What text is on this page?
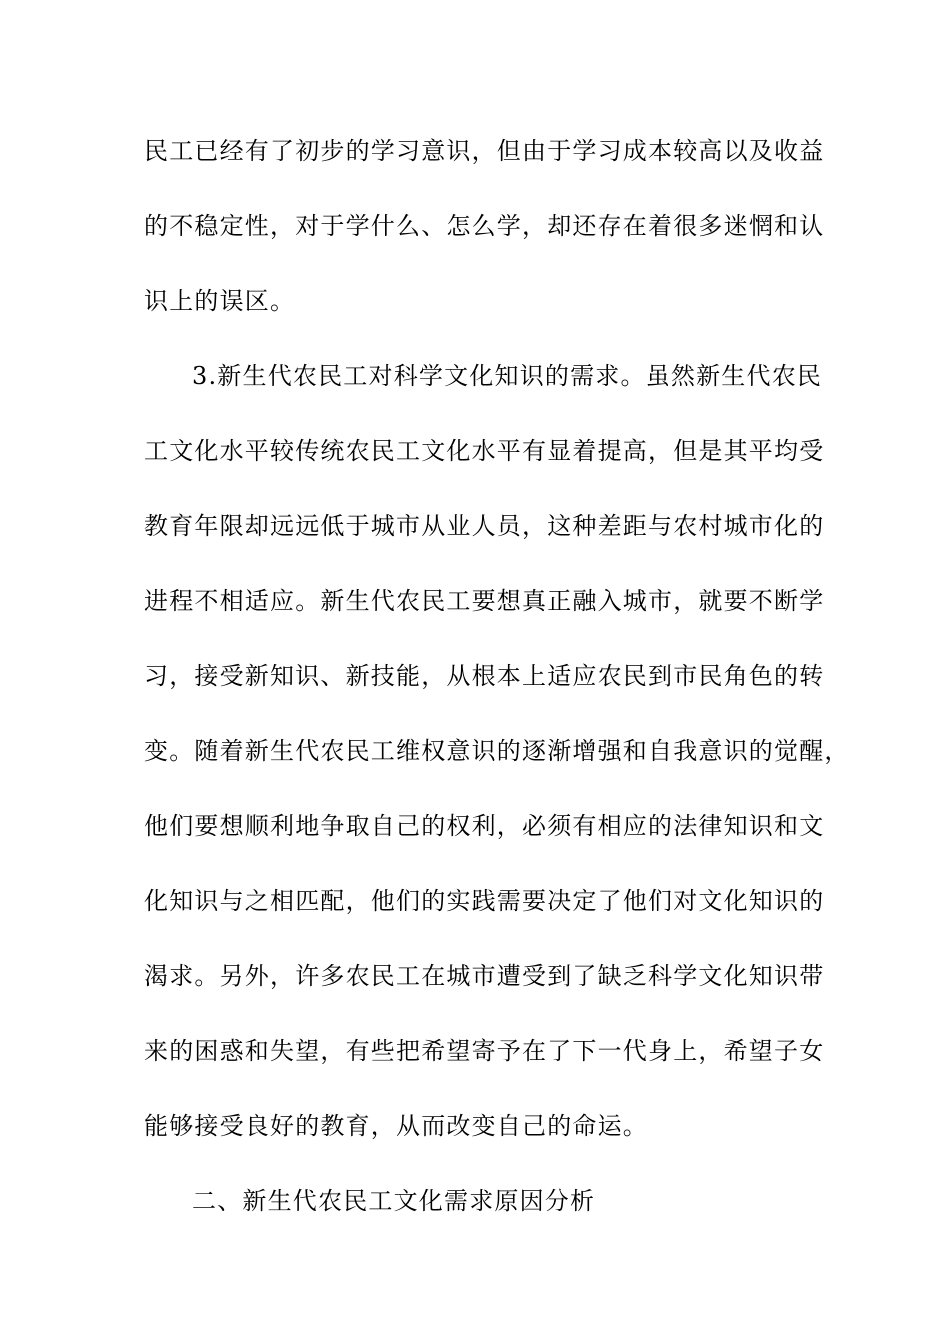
民工已经有了初步的学习意识，但由于学习成本较高以及收益
的不稳定性，对于学什么、怎么学，却还存在着很多迷惘和认
识上的误区。
3.新生代农民工对科学文化知识的需求。虽然新生代农民
工文化水平较传统农民工文化水平有显着提高，但是其平均受
教育年限却远远低于城市从业人员，这种差距与农村城市化的
进程不相适应。新生代农民工要想真正融入城市，就要不断学
习，接受新知识、新技能，从根本上适应农民到市民角色的转
变。随着新生代农民工维权意识的逐渐增强和自我意识的觉醒，
他们要想顺利地争取自己的权利，必须有相应的法律知识和文
化知识与之相匹配，他们的实践需要决定了他们对文化知识的
渴求。另外，许多农民工在城市遭受到了缺乏科学文化知识带
来的困惑和失望，有些把希望寄予在了下一代身上，希望子女
能够接受良好的教育，从而改变自己的命运。
二、新生代农民工文化需求原因分析
